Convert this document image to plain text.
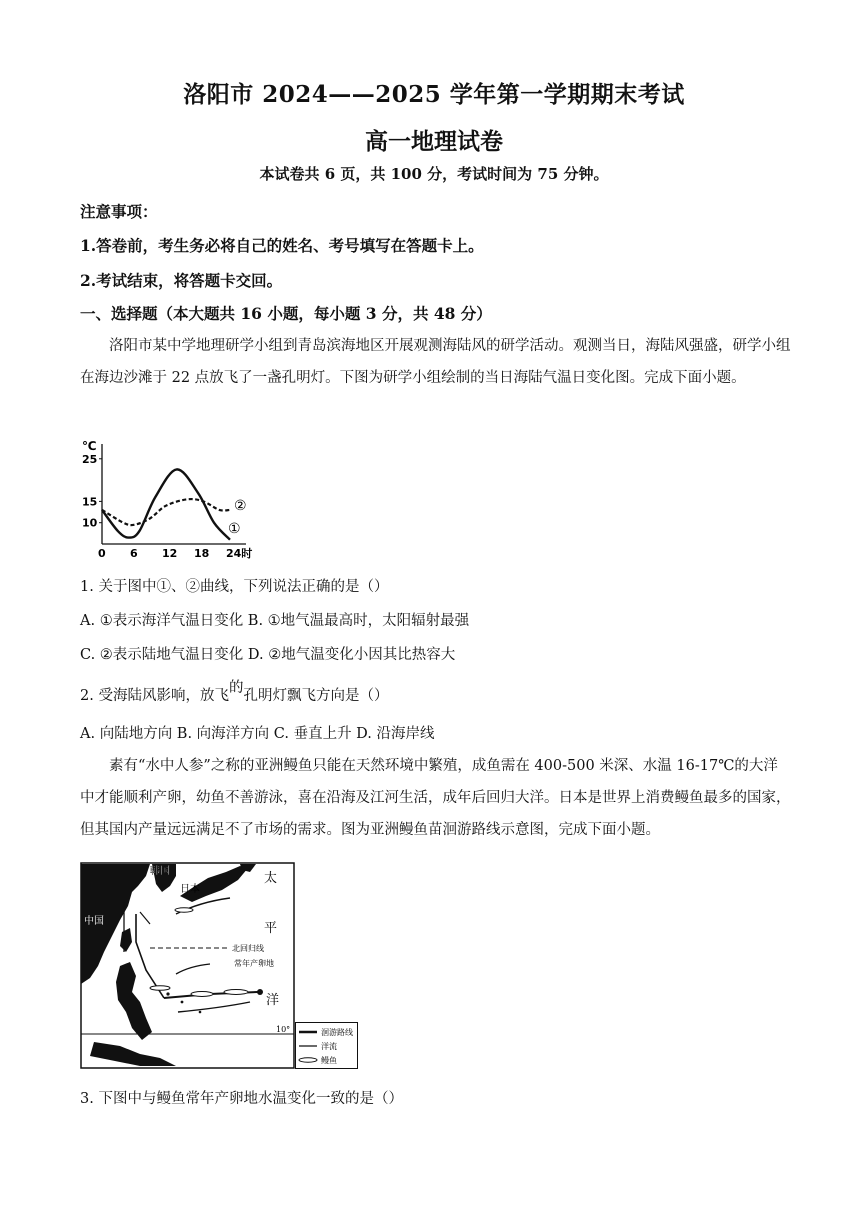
洛阳市 2024——2025 学年第一学期期末考试
高一地理试卷
本试卷共 6 页，共 100 分，考试时间为 75 分钟。
注意事项：
1.答卷前，考生务必将自己的姓名、考号填写在答题卡上。
2.考试结束，将答题卡交回。
一、选择题（本大题共 16 小题，每小题 3 分，共 48 分）
洛阳市某中学地理研学小组到青岛滨海地区开展观测海陆风的研学活动。观测当日，海陆风强盛，研学小组在海边沙滩于 22 点放飞了一盏孔明灯。下图为研学小组绘制的当日海陆气温日变化图。完成下面小题。
℃
0 6 12 18 24时
10
15
25
②
①
1. 关于图中①、②曲线，下列说法正确的是（）
A. ①表示海洋气温日变化 B. ①地气温最高时，太阳辐射最强
C. ②表示陆地气温日变化 D. ②地气温变化小因其比热容大
2. 受海陆风影响，放飞的孔明灯飘飞方向是（）
A. 向陆地方向 B. 向海洋方向 C. 垂直上升 D. 沿海岸线
素有“水中人参”之称的亚洲鳗鱼只能在天然环境中繁殖，成鱼需在 400-500 米深、水温 16-17℃的大洋中才能顺利产卵，幼鱼不善游泳，喜在沿海及江河生活，成年后回归大洋。日本是世界上消费鳗鱼最多的国家，但其国内产量远远满足不了市场的需求。图为亚洲鳗鱼苗洄游路线示意图，完成下面小题。
北回归线
10°
韩国
日本
中国
太
平
洋
常年产卵地
洄游路线
洋流
鳗鱼
3. 下图中与鳗鱼常年产卵地水温变化一致的是（）
